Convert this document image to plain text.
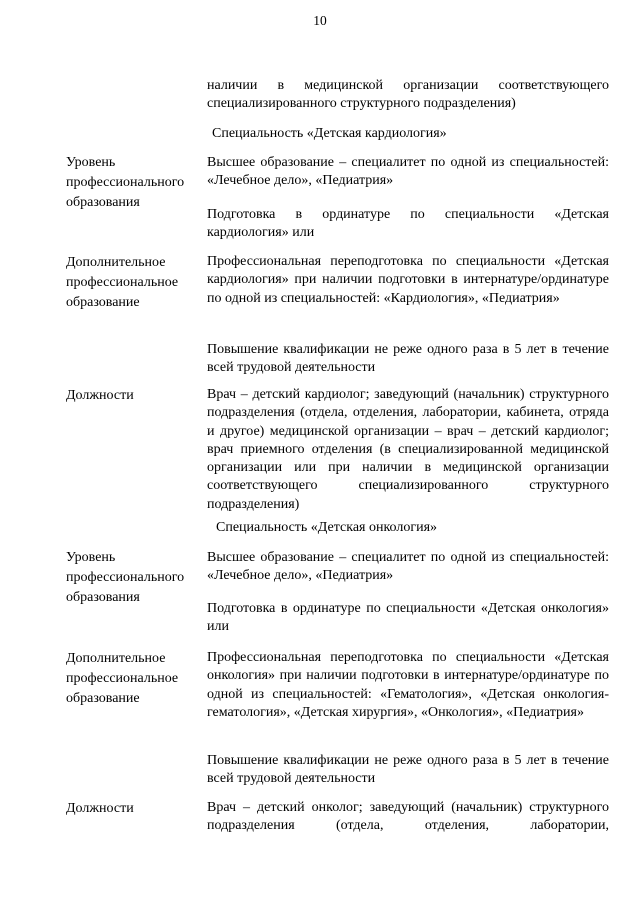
10
наличии в медицинской организации соответствующего специализированного структурного подразделения)
Специальность «Детская кардиология»
Уровень профессионального образования
Высшее образование – специалитет по одной из специальностей: «Лечебное дело», «Педиатрия»
Подготовка в ординатуре по специальности «Детская кардиология» или
Дополнительное профессиональное образование
Профессиональная переподготовка по специальности «Детская кардиология» при наличии подготовки в интернатуре/ординатуре по одной из специальностей: «Кардиология», «Педиатрия»
Повышение квалификации не реже одного раза в 5 лет в течение всей трудовой деятельности
Должности	Врач – детский кардиолог; заведующий (начальник) структурного подразделения (отдела, отделения, лаборатории, кабинета, отряда и другое) медицинской организации – врач – детский кардиолог; врач приемного отделения (в специализированной медицинской организации или при наличии в медицинской организации соответствующего специализированного структурного подразделения)
Специальность «Детская онкология»
Уровень профессионального образования
Высшее образование – специалитет по одной из специальностей: «Лечебное дело», «Педиатрия»
Подготовка в ординатуре по специальности «Детская онкология» или
Дополнительное профессиональное образование
Профессиональная переподготовка по специальности «Детская онкология» при наличии подготовки в интернатуре/ординатуре по одной из специальностей: «Гематология», «Детская онкология-гематология», «Детская хирургия», «Онкология», «Педиатрия»
Повышение квалификации не реже одного раза в 5 лет в течение всей трудовой деятельности
Должности	Врач – детский онколог; заведующий (начальник) структурного подразделения (отдела, отделения, лаборатории,
